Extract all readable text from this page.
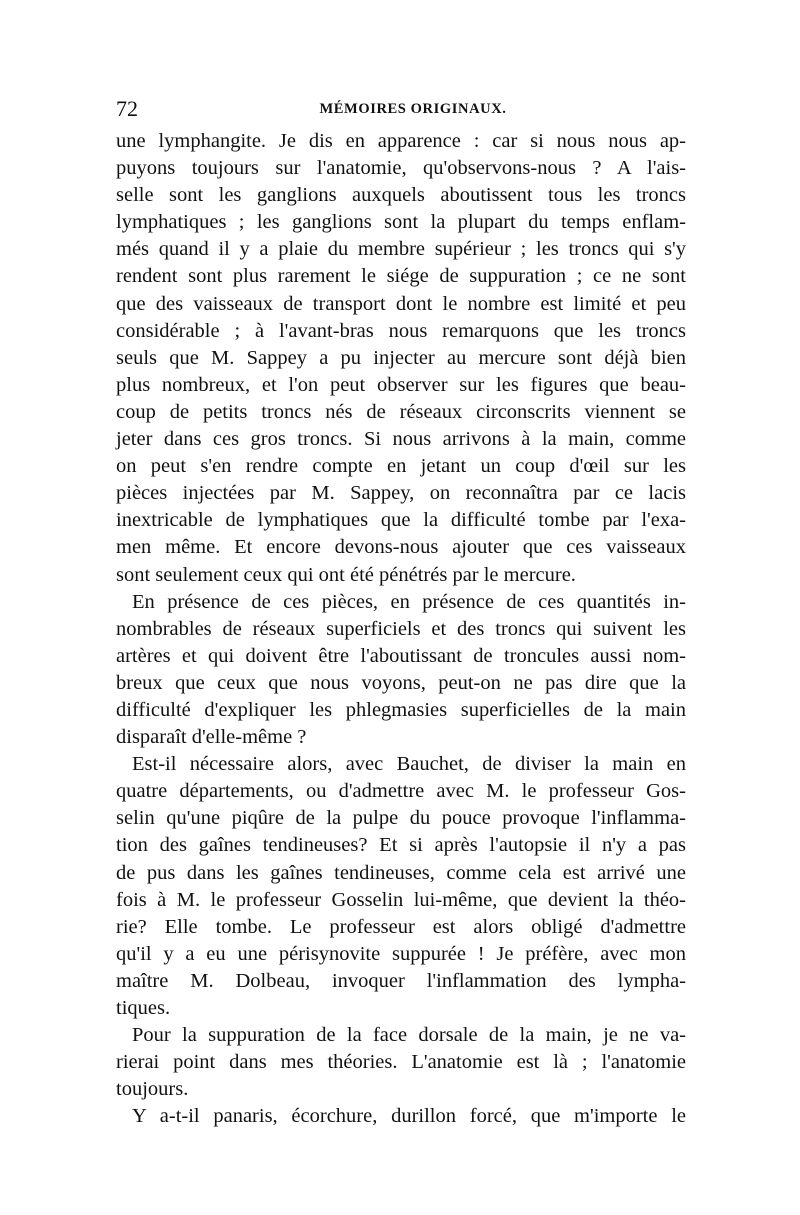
72	MÉMOIRES ORIGINAUX.
une lymphangite. Je dis en apparence : car si nous nous ap-
puyons toujours sur l'anatomie, qu'observons-nous ? A l'ais-
selle sont les ganglions auxquels aboutissent tous les troncs
lymphatiques ; les ganglions sont la plupart du temps enflam-
més quand il y a plaie du membre supérieur ; les troncs qui s'y
rendent sont plus rarement le siége de suppuration ; ce ne sont
que des vaisseaux de transport dont le nombre est limité et peu
considérable ; à l'avant-bras nous remarquons que les troncs
seuls que M. Sappey a pu injecter au mercure sont déjà bien
plus nombreux, et l'on peut observer sur les figures que beau-
coup de petits troncs nés de réseaux circonscrits viennent se
jeter dans ces gros troncs. Si nous arrivons à la main, comme
on peut s'en rendre compte en jetant un coup d'œil sur les
pièces injectées par M. Sappey, on reconnaîtra par ce lacis
inextricable de lymphatiques que la difficulté tombe par l'exa-
men même. Et encore devons-nous ajouter que ces vaisseaux
sont seulement ceux qui ont été pénétrés par le mercure.
En présence de ces pièces, en présence de ces quantités in-
nombrables de réseaux superficiels et des troncs qui suivent les
artères et qui doivent être l'aboutissant de troncules aussi nom-
breux que ceux que nous voyons, peut-on ne pas dire que la
difficulté d'expliquer les phlegmasies superficielles de la main
disparaît d'elle-même ?
Est-il nécessaire alors, avec Bauchet, de diviser la main en
quatre départements, ou d'admettre avec M. le professeur Gos-
selin qu'une piqûre de la pulpe du pouce provoque l'inflamma-
tion des gaînes tendineuses? Et si après l'autopsie il n'y a pas
de pus dans les gaînes tendineuses, comme cela est arrivé une
fois à M. le professeur Gosselin lui-même, que devient la théo-
rie? Elle tombe. Le professeur est alors obligé d'admettre
qu'il y a eu une périsynovite suppurée ! Je préfère, avec mon
maître M. Dolbeau, invoquer l'inflammation des lympha-
tiques.
Pour la suppuration de la face dorsale de la main, je ne va-
rierai point dans mes théories. L'anatomie est là ; l'anatomie
toujours.
Y a-t-il panaris, écorchure, durillon forcé, que m'importe le
